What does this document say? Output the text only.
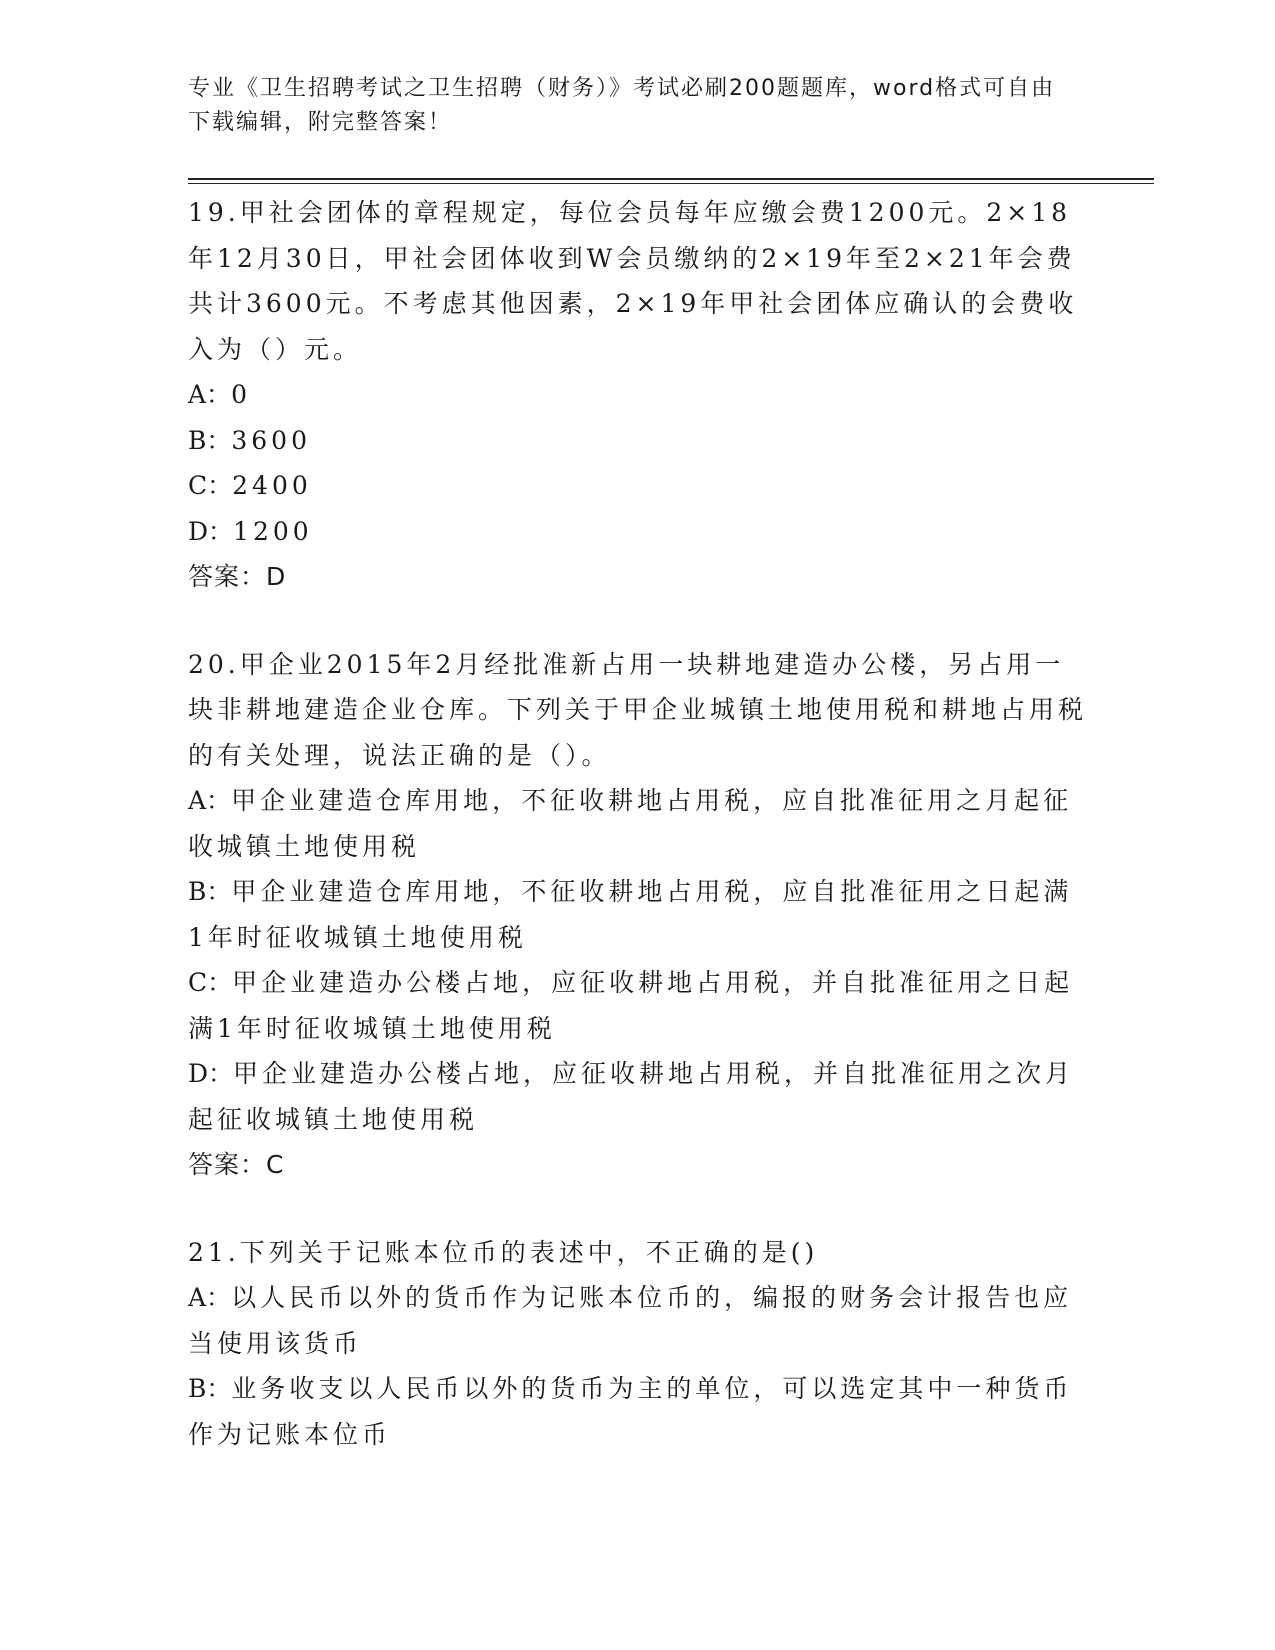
专业《卫生招聘考试之卫生招聘（财务）》考试必刷200题题库，word格式可自由下载编辑，附完整答案！
19.甲社会团体的章程规定，每位会员每年应缴会费1200元。2×18年12月30日，甲社会团体收到W会员缴纳的2×19年至2×21年会费共计3600元。不考虑其他因素，2×19年甲社会团体应确认的会费收入为（）元。
A：0
B：3600
C：2400
D：1200
答案：D
20.甲企业2015年2月经批准新占用一块耕地建造办公楼，另占用一块非耕地建造企业仓库。下列关于甲企业城镇土地使用税和耕地占用税的有关处理，说法正确的是（）。
A：甲企业建造仓库用地，不征收耕地占用税，应自批准征用之月起征收城镇土地使用税
B：甲企业建造仓库用地，不征收耕地占用税，应自批准征用之日起满1年时征收城镇土地使用税
C：甲企业建造办公楼占地，应征收耕地占用税，并自批准征用之日起满1年时征收城镇土地使用税
D：甲企业建造办公楼占地，应征收耕地占用税，并自批准征用之次月起征收城镇土地使用税
答案：C
21.下列关于记账本位币的表述中，不正确的是()
A：以人民币以外的货币作为记账本位币的，编报的财务会计报告也应当使用该货币
B：业务收支以人民币以外的货币为主的单位，可以选定其中一种货币作为记账本位币
